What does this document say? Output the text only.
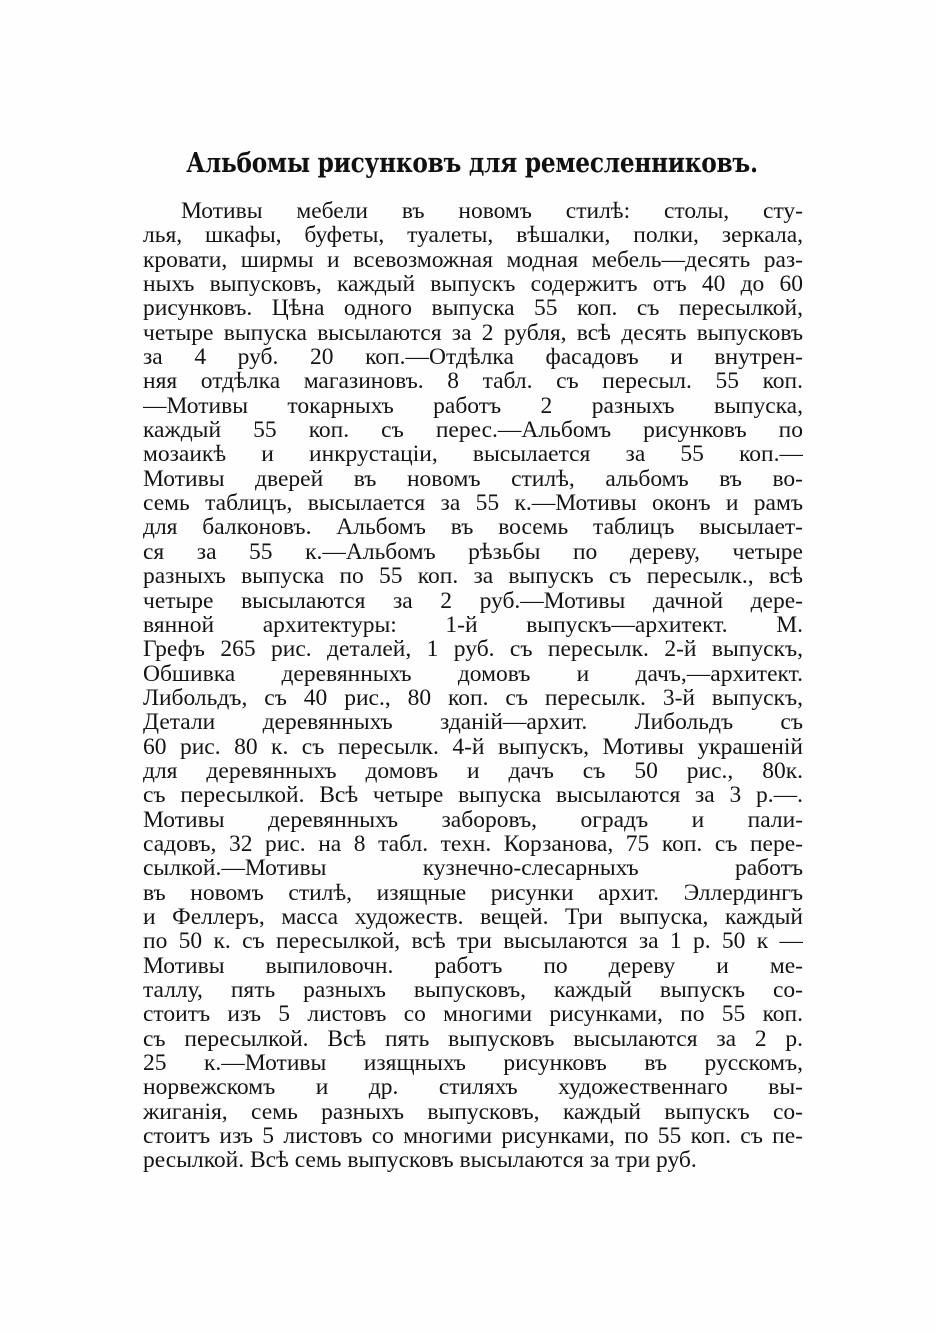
Альбомы рисунковъ для ремесленниковъ.
Мотивы мебели въ новомъ стилѣ: столы, сту-
лья, шкафы, буфеты, туалеты, вѣшалки, полки, зеркала,
кровати, ширмы и всевозможная модная мебель—десять раз-
ныхъ выпусковъ, каждый выпускъ содержитъ отъ 40 до 60
рисунковъ. Цѣна одного выпуска 55 коп. съ пересылкой,
четыре выпуска высылаются за 2 рубля, всѣ десять выпусковъ
за 4 руб. 20 коп.—Отдѣлка фасадовъ и внутрен-
няя отдѣлка магазиновъ. 8 табл. съ пересыл. 55 коп.
—Мотивы токарныхъ работъ 2 разныхъ выпуска,
каждый 55 коп. съ перес.—Альбомъ рисунковъ по
мозаикѣ и инкрустаціи, высылается за 55 коп.—
Мотивы дверей въ новомъ стилѣ, альбомъ въ во-
семь таблицъ, высылается за 55 к.—Мотивы оконъ и рамъ
для балконовъ. Альбомъ въ восемь таблицъ высылает-
ся за 55 к.—Альбомъ рѣзьбы по дереву, четыре
разныхъ выпуска по 55 коп. за выпускъ съ пересылк., всѣ
четыре высылаются за 2 руб.—Мотивы дачной дере-
вянной архитектуры: 1-й выпускъ—архитект. М.
Грефъ 265 рис. деталей, 1 руб. съ пересылк. 2-й выпускъ,
Обшивка деревянныхъ домовъ и дачъ,—архитект.
Либольдъ, съ 40 рис., 80 коп. съ пересылк. 3-й выпускъ,
Детали деревянныхъ зданій—архит. Либольдъ съ
60 рис. 80 к. съ пересылк. 4-й выпускъ, Мотивы украшеній
для деревянныхъ домовъ и дачъ съ 50 рис., 80к.
съ пересылкой. Всѣ четыре выпуска высылаются за 3 р.—.
Мотивы деревянныхъ заборовъ, оградъ и пали-
садовъ, 32 рис. на 8 табл. техн. Корзанова, 75 коп. съ пере-
сылкой.—Мотивы кузнечно-слесарныхъ работъ
въ новомъ стилѣ, изящные рисунки архит. Эллердингъ
и Феллеръ, масса художеств. вещей. Три выпуска, каждый
по 50 к. съ пересылкой, всѣ три высылаются за 1 р. 50 к —
Мотивы выпиловочн. работъ по дереву и ме-
таллу, пять разныхъ выпусковъ, каждый выпускъ со-
стоитъ изъ 5 листовъ со многими рисунками, по 55 коп.
съ пересылкой. Всѣ пять выпусковъ высылаются за 2 р.
25 к.—Мотивы изящныхъ рисунковъ въ русскомъ,
норвежскомъ и др. стиляхъ художественнаго вы-
жиганія, семь разныхъ выпусковъ, каждый выпускъ со-
стоитъ изъ 5 листовъ со многими рисунками, по 55 коп. съ пе-
ресылкой. Всѣ семь выпусковъ высылаются за три руб.
